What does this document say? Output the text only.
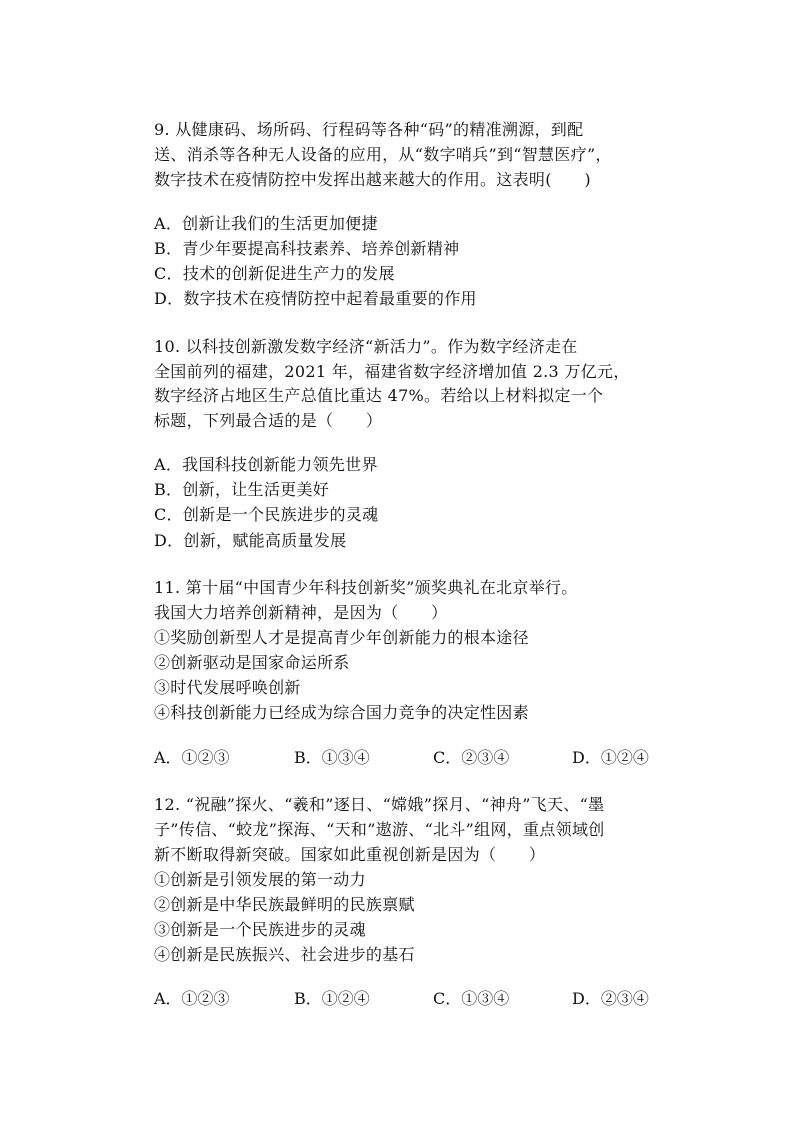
9. 从健康码、场所码、行程码等各种“码”的精准溯源，到配
送、消杀等各种无人设备的应用，从“数字哨兵”到“智慧医疗”，
数字技术在疫情防控中发挥出越来越大的作用。这表明(　　)
A．创新让我们的生活更加便捷
B．青少年要提高科技素养、培养创新精神
C．技术的创新促进生产力的发展
D．数字技术在疫情防控中起着最重要的作用
10. 以科技创新激发数字经济“新活力”。作为数字经济走在
全国前列的福建，2021 年，福建省数字经济增加值 2.3 万亿元，
数字经济占地区生产总值比重达 47%。若给以上材料拟定一个
标题，下列最合适的是（　　）
A．我国科技创新能力领先世界
B．创新，让生活更美好
C．创新是一个民族进步的灵魂
D．创新，赋能高质量发展
11. 第十届“中国青少年科技创新奖”颁奖典礼在北京举行。
我国大力培养创新精神，是因为（　　）
①奖励创新型人才是提高青少年创新能力的根本途径
②创新驱动是国家命运所系
③时代发展呼唤创新
④科技创新能力已经成为综合国力竞争的决定性因素
A．①②③	B．①③④	C．②③④	D．①②④
12. “祝融”探火、“羲和”逐日、“嫦娥”探月、“神舟”飞天、“墨
子”传信、“蛟龙”探海、“天和”遨游、“北斗”组网，重点领域创
新不断取得新突破。国家如此重视创新是因为（　　）
①创新是引领发展的第一动力
②创新是中华民族最鲜明的民族禀赋
③创新是一个民族进步的灵魂
④创新是民族振兴、社会进步的基石
A．①②③	B．①②④	C．①③④	D．②③④
